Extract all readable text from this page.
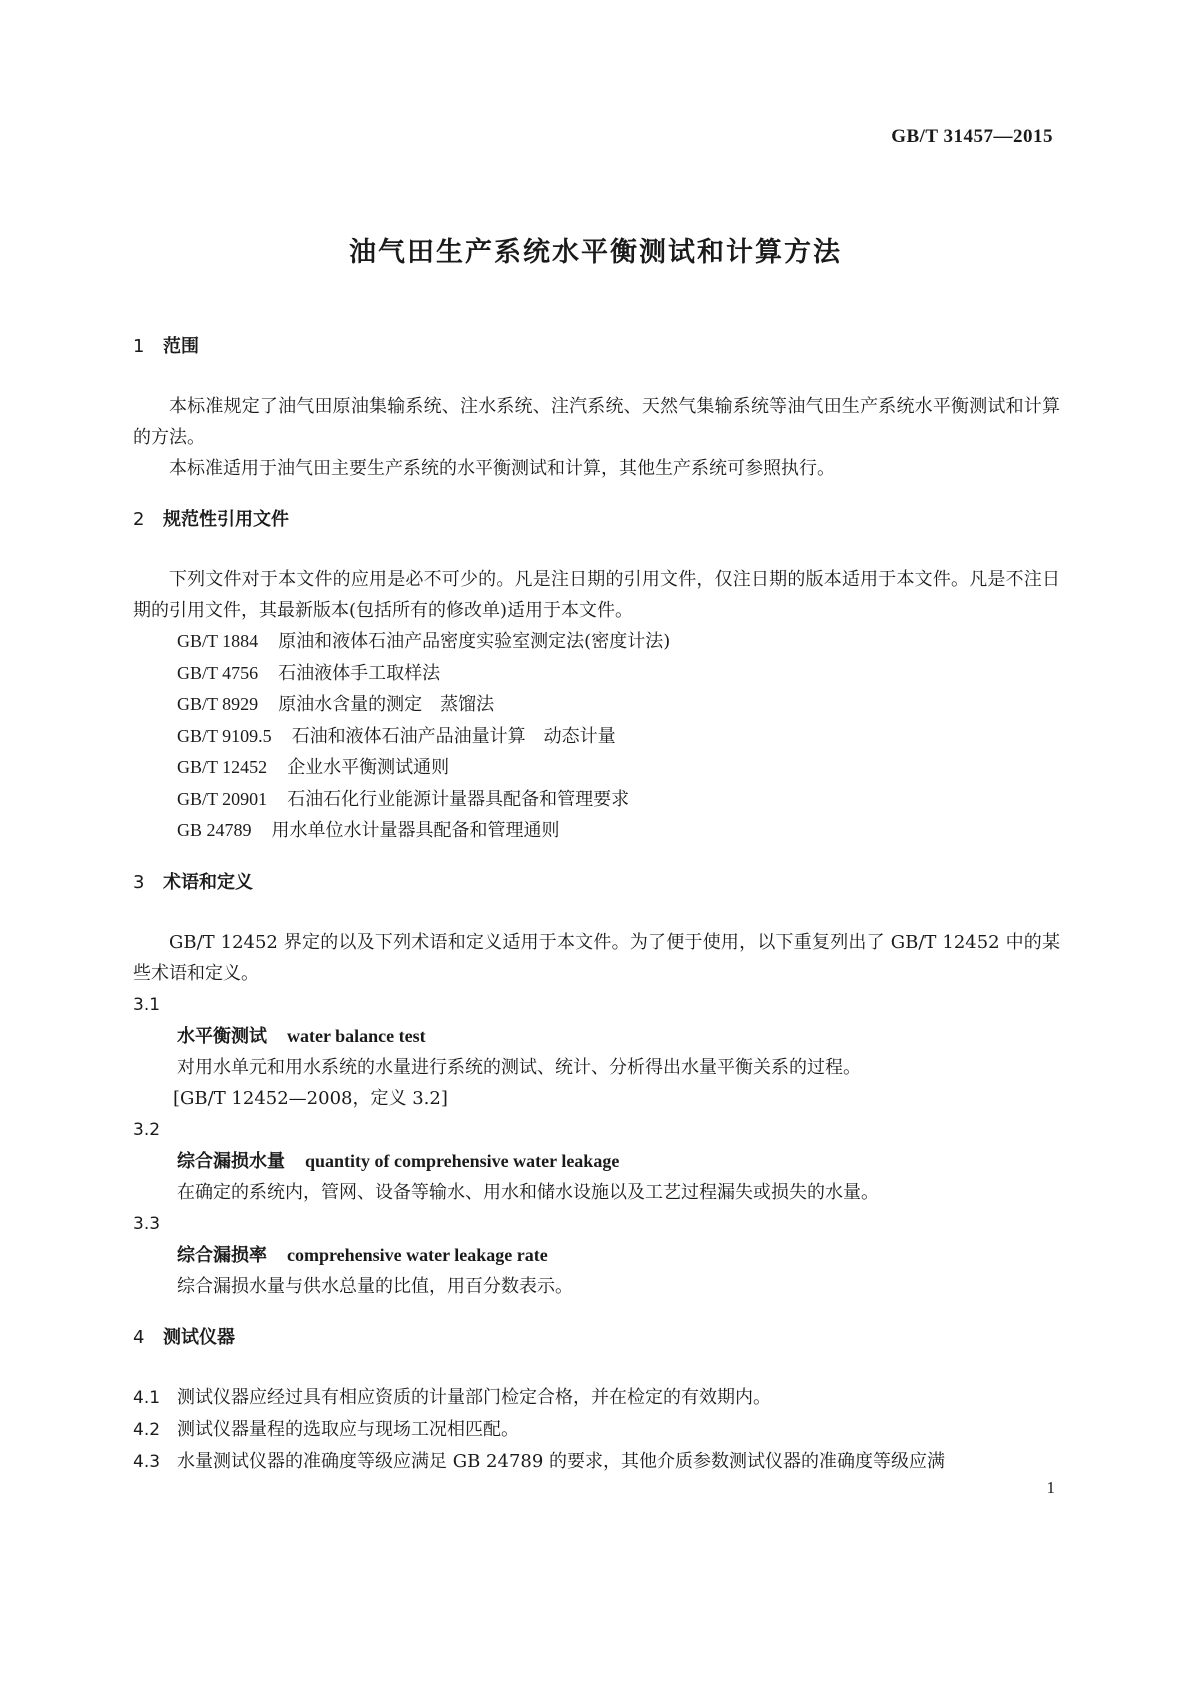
GB/T 31457—2015
油气田生产系统水平衡测试和计算方法
1 范围

本标准规定了油气田原油集输系统、注水系统、注汽系统、天然气集输系统等油气田生产系统水平衡测试和计算的方法。

本标准适用于油气田主要生产系统的水平衡测试和计算，其他生产系统可参照执行。

2 规范性引用文件

下列文件对于本文件的应用是必不可少的。凡是注日期的引用文件，仅注日期的版本适用于本文件。凡是不注日期的引用文件，其最新版本(包括所有的修改单)适用于本文件。

GB/T 1884 原油和液体石油产品密度实验室测定法(密度计法)
GB/T 4756 石油液体手工取样法
GB/T 8929 原油水含量的测定　蒸馏法
GB/T 9109.5 石油和液体石油产品油量计算　动态计量
GB/T 12452 企业水平衡测试通则
GB/T 20901 石油石化行业能源计量器具配备和管理要求
GB 24789 用水单位水计量器具配备和管理通则
3 术语和定义

GB/T 12452 界定的以及下列术语和定义适用于本文件。为了便于使用，以下重复列出了 GB/T 12452 中的某些术语和定义。

3.1
水平衡测试 water balance test
对用水单元和用水系统的水量进行系统的测试、统计、分析得出水量平衡关系的过程。
[GB/T 12452—2008，定义 3.2]
3.2
综合漏损水量 quantity of comprehensive water leakage
在确定的系统内，管网、设备等输水、用水和储水设施以及工艺过程漏失或损失的水量。
3.3
综合漏损率 comprehensive water leakage rate
综合漏损水量与供水总量的比值，用百分数表示。
4 测试仪器
4.1 测试仪器应经过具有相应资质的计量部门检定合格，并在检定的有效期内。
4.2 测试仪器量程的选取应与现场工况相匹配。
4.3 水量测试仪器的准确度等级应满足 GB 24789 的要求，其他介质参数测试仪器的准确度等级应满
1
